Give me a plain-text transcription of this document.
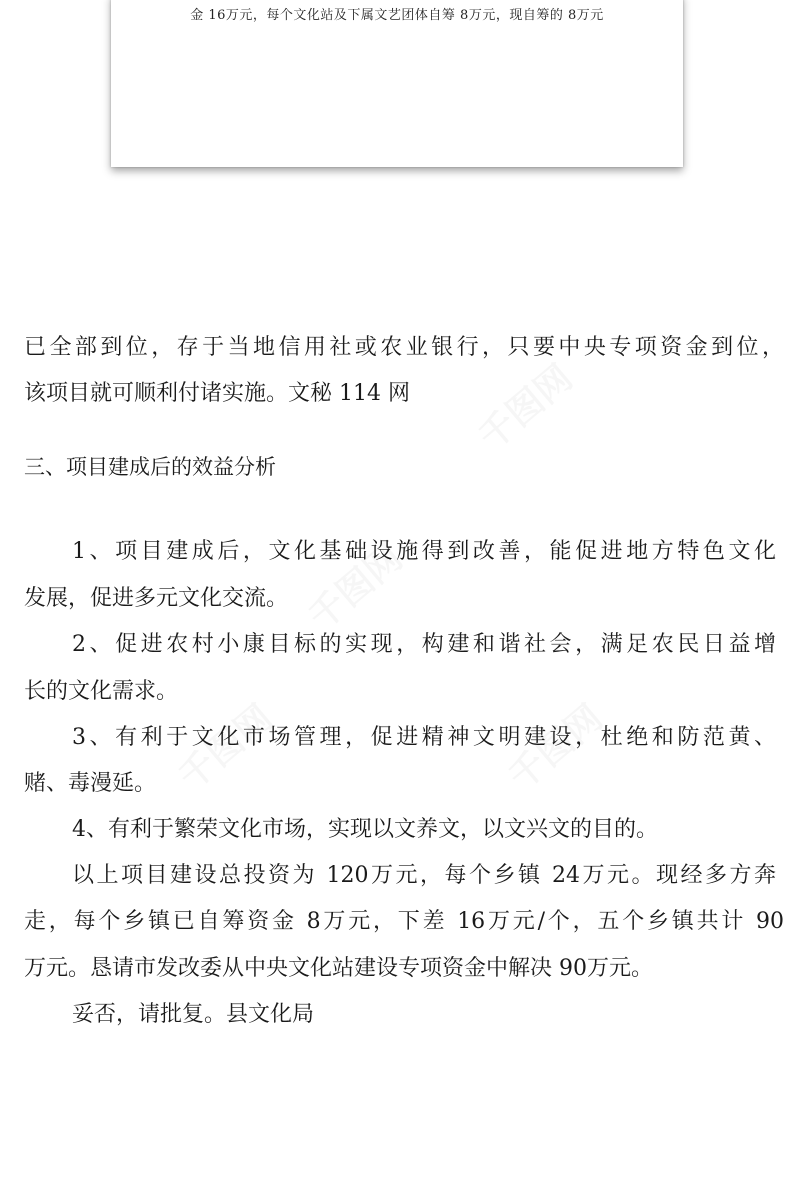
金 16万元，每个文化站及下属文艺团体自筹 8万元，现自筹的 8万元
已全部到位，存于当地信用社或农业银行，只要中央专项资金到位，
该项目就可顺利付诸实施。文秘 114 网
三、项目建成后的效益分析
1、项目建成后，文化基础设施得到改善，能促进地方特色文化
发展，促进多元文化交流。
2、促进农村小康目标的实现，构建和谐社会，满足农民日益增
长的文化需求。
3、有利于文化市场管理，促进精神文明建设，杜绝和防范黄、
赌、毒漫延。
4、有利于繁荣文化市场，实现以文养文，以文兴文的目的。
以上项目建设总投资为 120万元，每个乡镇 24万元。现经多方奔
走，每个乡镇已自筹资金 8万元，下差 16万元/个，五个乡镇共计 90
万元。恳请市发改委从中央文化站建设专项资金中解决 90万元。
妥否，请批复。县文化局
